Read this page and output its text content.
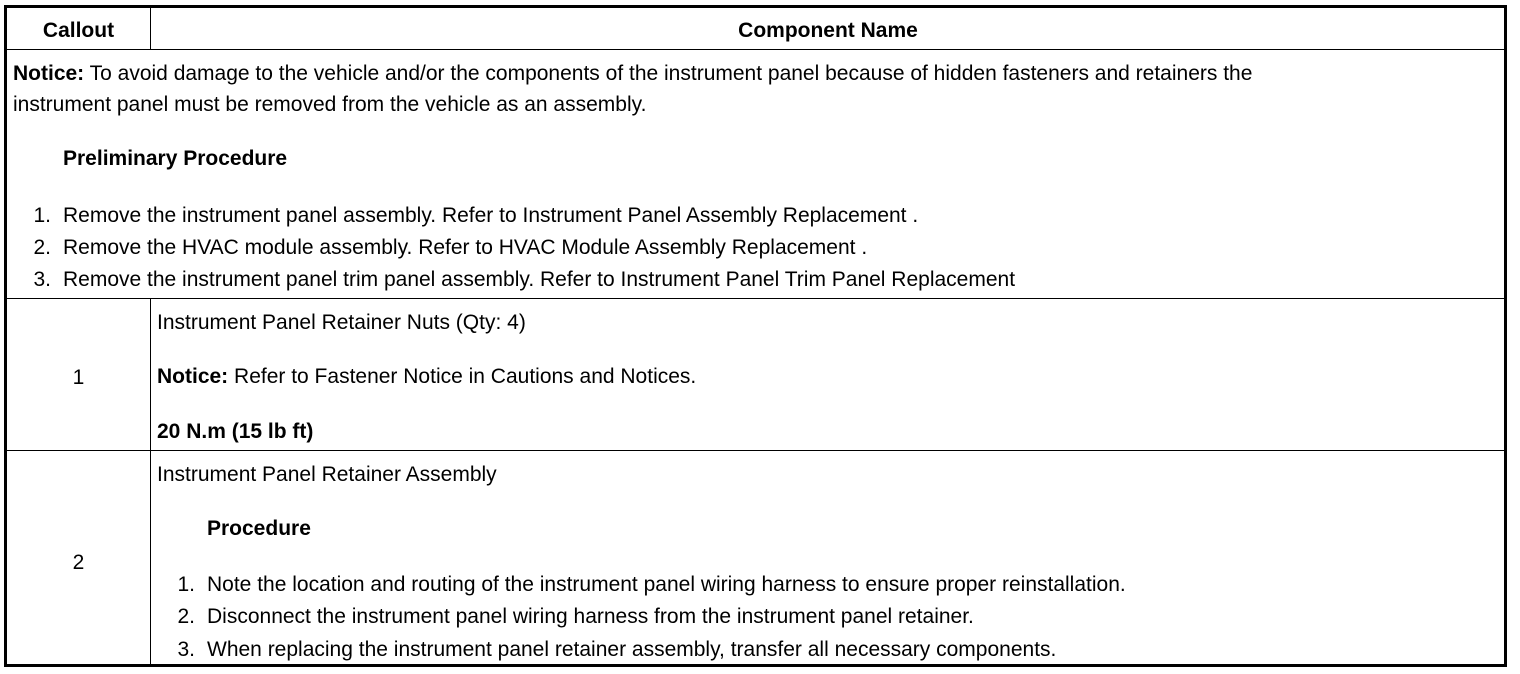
Callout	Component Name
Notice: To avoid damage to the vehicle and/or the components of the instrument panel because of hidden fasteners and retainers the
instrument panel must be removed from the vehicle as an assembly.
Preliminary Procedure
1. Remove the instrument panel assembly. Refer to Instrument Panel Assembly Replacement .
2. Remove the HVAC module assembly. Refer to HVAC Module Assembly Replacement .
3. Remove the instrument panel trim panel assembly. Refer to Instrument Panel Trim Panel Replacement
1
Instrument Panel Retainer Nuts (Qty: 4)
Notice: Refer to Fastener Notice in Cautions and Notices.
20 N.m (15 lb ft)
2
Instrument Panel Retainer Assembly
Procedure
1. Note the location and routing of the instrument panel wiring harness to ensure proper reinstallation.
2. Disconnect the instrument panel wiring harness from the instrument panel retainer.
3. When replacing the instrument panel retainer assembly, transfer all necessary components.
